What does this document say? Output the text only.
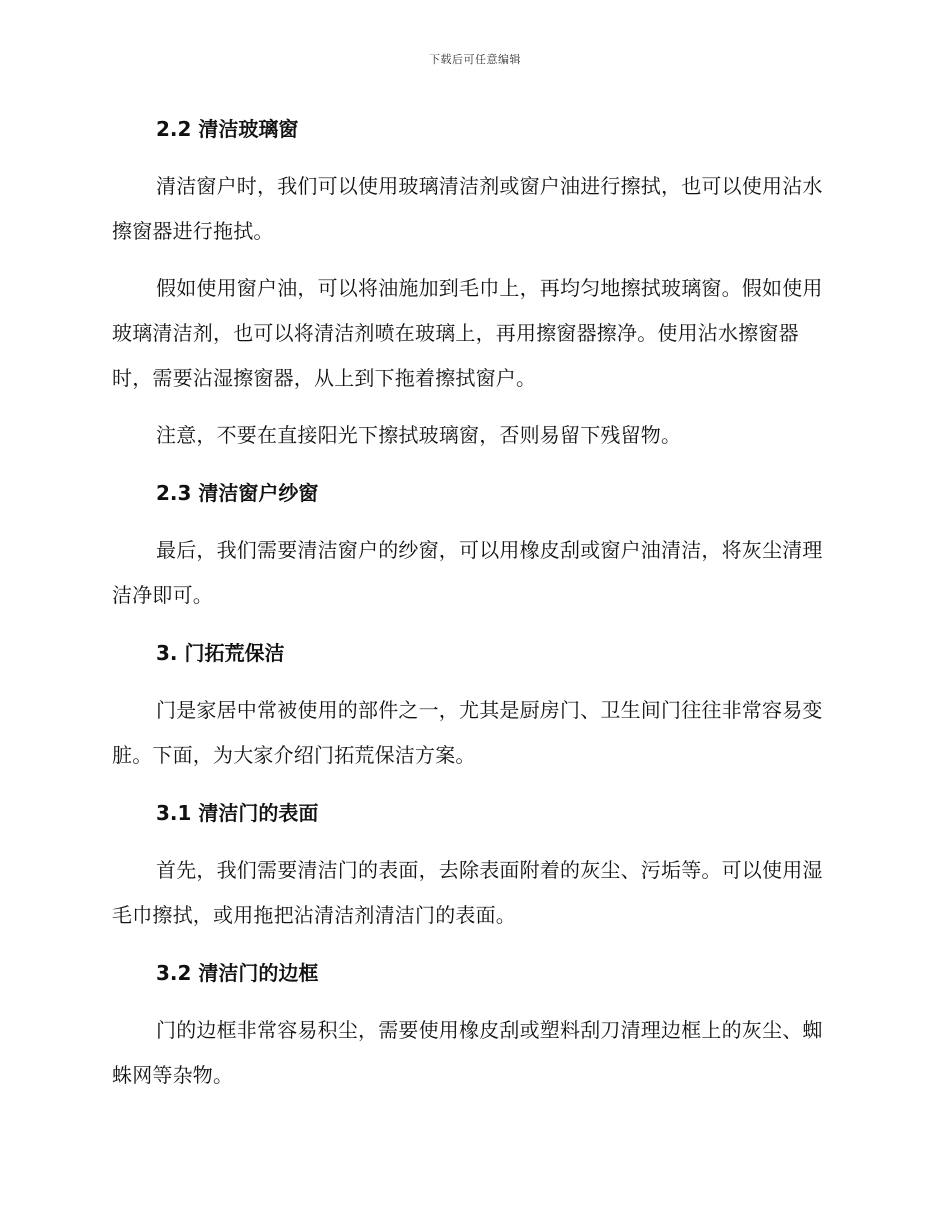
下载后可任意编辑
2.2 清洁玻璃窗

清洁窗户时，我们可以使用玻璃清洁剂或窗户油进行擦拭，也可以使用沾水擦窗器进行拖拭。

假如使用窗户油，可以将油施加到毛巾上，再均匀地擦拭玻璃窗。假如使用玻璃清洁剂，也可以将清洁剂喷在玻璃上，再用擦窗器擦净。使用沾水擦窗器时，需要沾湿擦窗器，从上到下拖着擦拭窗户。

注意，不要在直接阳光下擦拭玻璃窗，否则易留下残留物。

2.3 清洁窗户纱窗

最后，我们需要清洁窗户的纱窗，可以用橡皮刮或窗户油清洁，将灰尘清理洁净即可。

3. 门拓荒保洁

门是家居中常被使用的部件之一，尤其是厨房门、卫生间门往往非常容易变脏。下面，为大家介绍门拓荒保洁方案。

3.1 清洁门的表面

首先，我们需要清洁门的表面，去除表面附着的灰尘、污垢等。可以使用湿毛巾擦拭，或用拖把沾清洁剂清洁门的表面。

3.2 清洁门的边框

门的边框非常容易积尘，需要使用橡皮刮或塑料刮刀清理边框上的灰尘、蜘蛛网等杂物。
